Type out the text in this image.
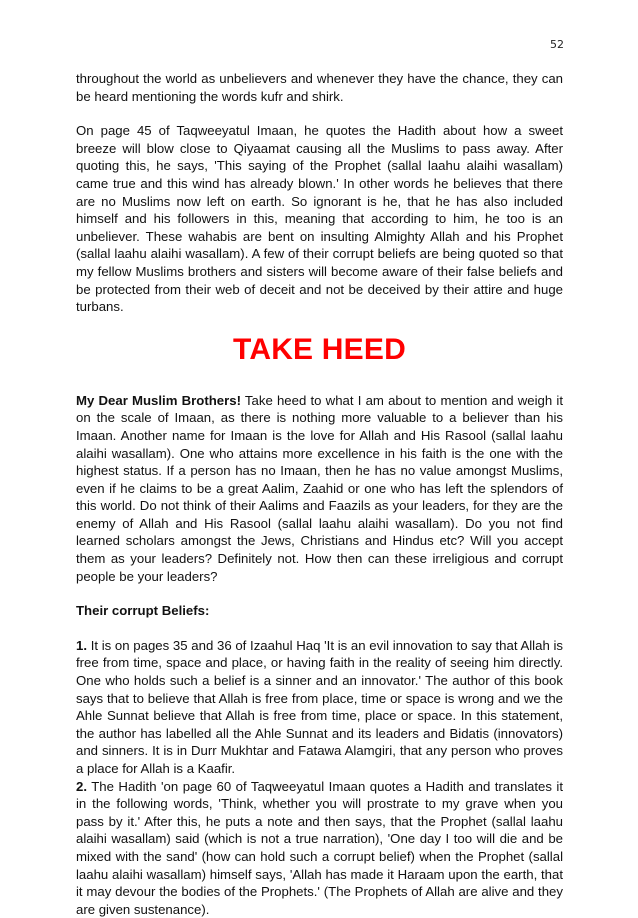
52

throughout the world as unbelievers and whenever they have the chance, they can be heard mentioning the words kufr and shirk.

On page 45 of Taqweeyatul Imaan, he quotes the Hadith about how a sweet breeze will blow close to Qiyaamat causing all the Muslims to pass away. After quoting this, he says, 'This saying of the Prophet (sallal laahu alaihi wasallam) came true and this wind has already blown.' In other words he believes that there are no Muslims now left on earth. So ignorant is he, that he has also included himself and his followers in this, meaning that according to him, he too is an unbeliever. These wahabis are bent on insulting Almighty Allah and his Prophet (sallal laahu alaihi wasallam). A few of their corrupt beliefs are being quoted so that my fellow Muslims brothers and sisters will become aware of their false beliefs and be protected from their web of deceit and not be deceived by their attire and huge turbans.

TAKE HEED

My Dear Muslim Brothers! Take heed to what I am about to mention and weigh it on the scale of Imaan, as there is nothing more valuable to a believer than his Imaan. Another name for Imaan is the love for Allah and His Rasool (sallal laahu alaihi wasallam). One who attains more excellence in his faith is the one with the highest status. If a person has no Imaan, then he has no value amongst Muslims, even if he claims to be a great Aalim, Zaahid or one who has left the splendors of this world. Do not think of their Aalims and Faazils as your leaders, for they are the enemy of Allah and His Rasool (sallal laahu alaihi wasallam). Do you not find learned scholars amongst the Jews, Christians and Hindus etc? Will you accept them as your leaders? Definitely not. How then can these irreligious and corrupt people be your leaders?

Their corrupt Beliefs:

1. It is on pages 35 and 36 of Izaahul Haq 'It is an evil innovation to say that Allah is free from time, space and place, or having faith in the reality of seeing him directly. One who holds such a belief is a sinner and an innovator.' The author of this book says that to believe that Allah is free from place, time or space is wrong and we the Ahle Sunnat believe that Allah is free from time, place or space. In this statement, the author has labelled all the Ahle Sunnat and its leaders and Bidatis (innovators) and sinners. It is in Durr Mukhtar and Fatawa Alamgiri, that any person who proves a place for Allah is a Kaafir.

2. The Hadith 'on page 60 of Taqweeyatul Imaan quotes a Hadith and translates it in the following words, 'Think, whether you will prostrate to my grave when you pass by it.' After this, he puts a note and then says, that the Prophet (sallal laahu alaihi wasallam) said (which is not a true narration), 'One day I too will die and be mixed with the sand' (how can hold such a corrupt belief) when the Prophet (sallal laahu alaihi wasallam) himself says, 'Allah has made it Haraam upon the earth, that it may devour the bodies of the Prophets.' (The Prophets of Allah are alive and they are given sustenance).
